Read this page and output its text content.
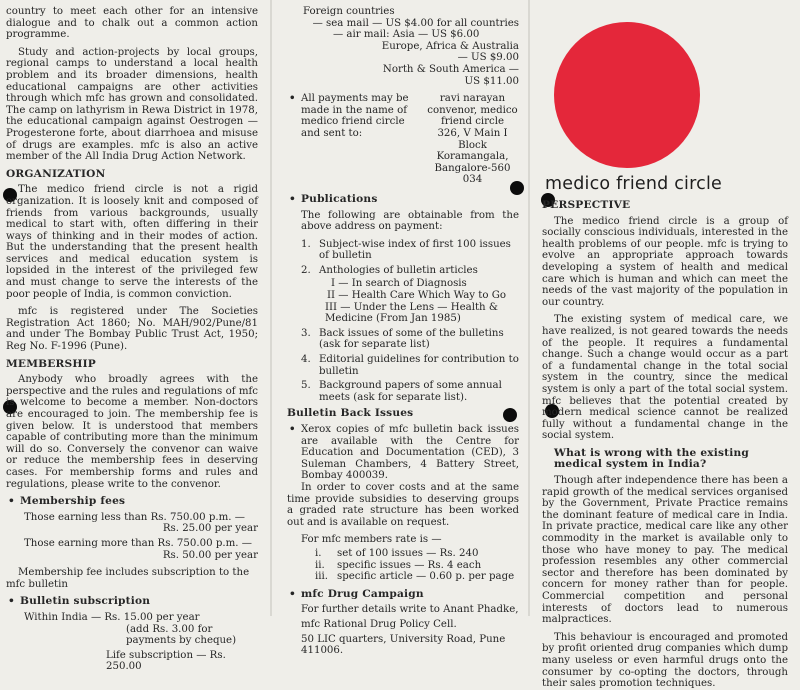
country to meet each other for an intensive dialogue and to chalk out a common action programme.

Study and action-projects by local groups, regional camps to understand a local health problem and its broader dimensions, health educational campaigns are other activities through which mfc has grown and consolidated. The camp on lathyrism in Rewa District in 1978, the educational campaign against Oestrogen — Progesterone forte, about diarrhoea and misuse of drugs are examples. mfc is also an active member of the All India Drug Action Network.

ORGANIZATION

The medico friend circle is not a rigid organization. It is loosely knit and composed of friends from various backgrounds, usually medical to start with, often differing in their ways of thinking and in their modes of action. But the understanding that the present health services and medical education system is lopsided in the interest of the privileged few and must change to serve the interests of the poor people of India, is common conviction.

mfc is registered under The Societies Registration Act 1860; No. MAH/902/Pune/81 and under The Bombay Public Trust Act, 1950; Reg No. F-1996 (Pune).

MEMBERSHIP

Anybody who broadly agrees with the perspective and the rules and regulations of mfc is welcome to become a member. Non-doctors are encouraged to join. The membership fee is given below. It is understood that members capable of contributing more than the minimum will do so. Conversely the convenor can waive or reduce the membership fees in deserving cases. For membership forms and rules and regulations, please write to the convenor.

• Membership fees

Those earning less than Rs. 750.00 p.m. —

Rs. 25.00 per year

Those earning more than Rs. 750.00 p.m. —

Rs. 50.00 per year

Membership fee includes subscription to the mfc bulletin

• Bulletin subscription

Within India — Rs. 15.00 per year

(add Rs. 3.00 for payments by cheque)

Life subscription — Rs. 250.00

Foreign countries

— sea mail — US $4.00 for all countries

— air mail: Asia — US $6.00

Europe, Africa & Australia

— US $9.00

North & South America —

US $11.00

• All payments may be made in the name of medico friend circle and sent to:

ravi narayan

convenor, medico

friend circle

326, V Main I Block

Koramangala,

Bangalore-560 034

• Publications

The following are obtainable from the above address on payment:

1. Subject-wise index of first 100 issues of bulletin
2. Anthologies of bulletin articles

I — In search of Diagnosis

II — Health Care Which Way to Go

III — Under the Lens — Health & Medicine (From Jan 1985)

3. Back issues of some of the bulletins (ask for separate list)
4. Editorial guidelines for contribution to bulletin
5. Background papers of some annual meets (ask for separate list).
Bulletin Back Issues

• Xerox copies of mfc bulletin back issues are available with the Centre for Education and Documentation (CED), 3 Suleman Chambers, 4 Battery Street, Bombay 400039.

In order to cover costs and at the same time provide subsidies to deserving groups a graded rate structure has been worked out and is available on request.

For mfc members rate is —

i.	set of 100 issues — Rs. 240
ii.	specific issues — Rs. 4 each
iii. specific article — 0.60 p. per page
• mfc Drug Campaign

For further details write to Anant Phadke,

mfc Rational Drug Policy Cell.

50 LIC quarters, University Road, Pune 411006.

medico friend circle
PERSPECTIVE

The medico friend circle is a group of socially conscious individuals, interested in the health problems of our people. mfc is trying to evolve an appropriate approach towards developing a system of health and medical care which is human and which can meet the needs of the vast majority of the population in our country.

The existing system of medical care, we have realized, is not geared towards the needs of the people. It requires a fundamental change. Such a change would occur as a part of a fundamental change in the total social system in the country, since the medical system is only a part of the total social system. mfc believes that the potential created by modern medical science cannot be realized fully without a fundamental change in the social system.

What is wrong with the existing medical system in India?

Though after independence there has been a rapid growth of the medical services organised by the Government, Private Practice remains the dominant feature of medical care in India. In private practice, medical care like any other commodity in the market is available only to those who have money to pay. The medical profession resembles any other commercial sector and therefore has been dominated by concern for money rather than for people. Commercial competition and personal interests of doctors lead to numerous malpractices.

This behaviour is encouraged and promoted by profit oriented drug companies which dump many useless or even harmful drugs onto the consumer by co-opting the doctors, through their sales promotion techniques.
